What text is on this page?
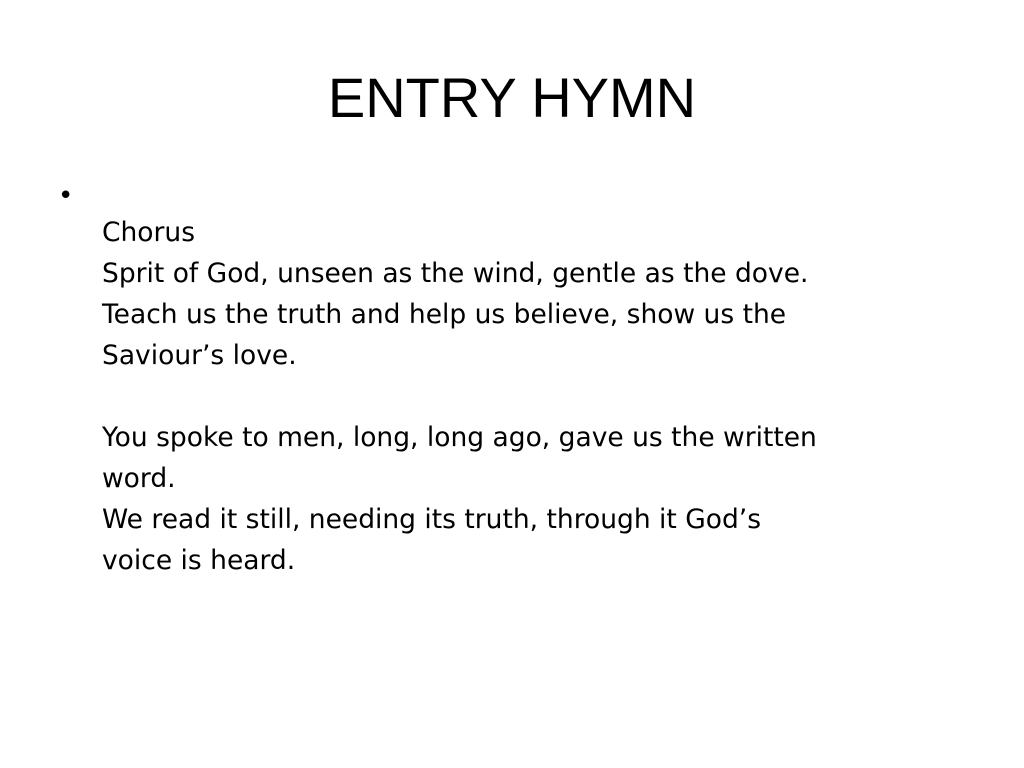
ENTRY HYMN
•
Chorus
Sprit of God, unseen as the wind, gentle as the dove.
Teach us the truth and help us believe, show us the
Saviour’s love.
You spoke to men, long, long ago, gave us the written
word.
We read it still, needing its truth, through it God’s
voice is heard.
